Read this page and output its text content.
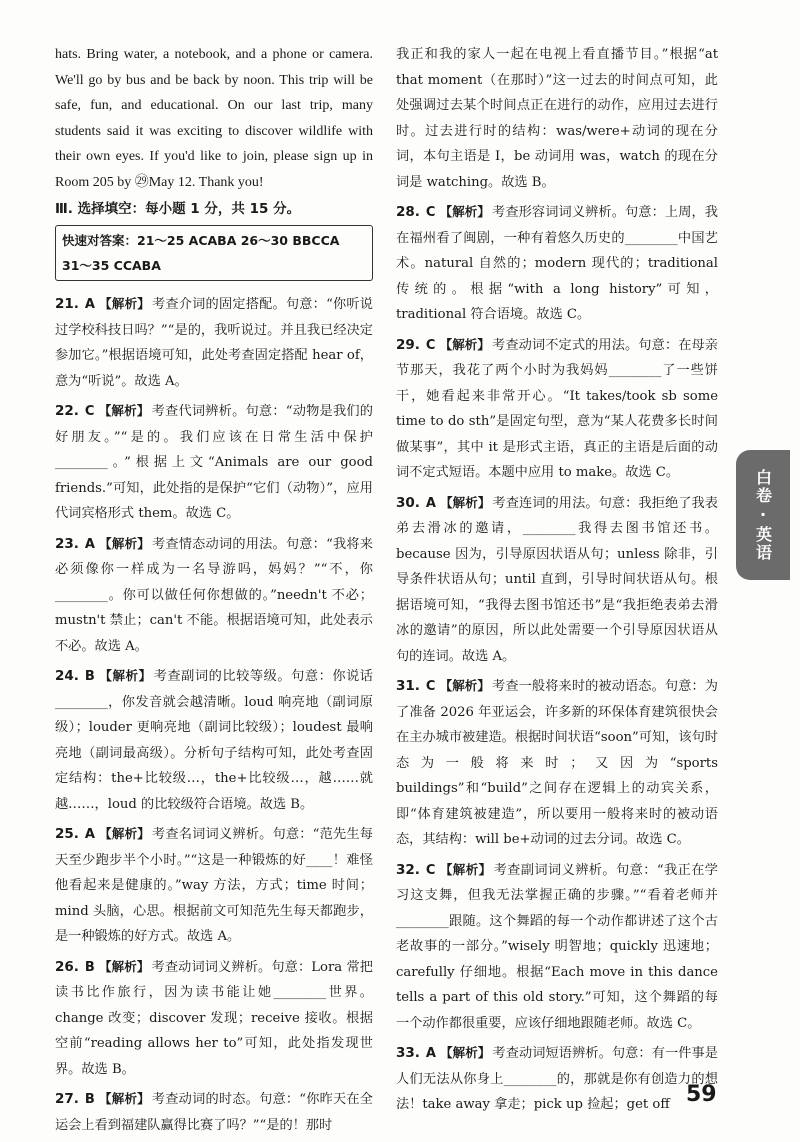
hats. Bring water, a notebook, and a phone or camera. We'll go by bus and be back by noon. This trip will be safe, fun, and educational. On our last trip, many students said it was exciting to discover wildlife with their own eyes. If you'd like to join, please sign up in Room 205 by ㉙May 12. Thank you!

Ⅲ. 选择填空：每小题 1 分，共 15 分。
快速对答案：21～25 ACABA 26～30 BBCCA
31～35 CCABA

21. A 【解析】 考查介词的固定搭配。句意：“你听说过学校科技日吗？”“是的，我听说过。并且我已经决定参加它。”根据语境可知，此处考查固定搭配 hear of，意为“听说”。故选 A。

22. C 【解析】 考查代词辨析。句意：“动物是我们的好朋友。”“是的。我们应该在日常生活中保护________。”根据上文“Animals are our good friends.”可知，此处指的是保护“它们（动物）”，应用代词宾格形式 them。故选 C。

23. A 【解析】 考查情态动词的用法。句意：“我将来必须像你一样成为一名导游吗，妈妈？”“不，你________。你可以做任何你想做的。”needn't 不必；mustn't 禁止；can't 不能。根据语境可知，此处表示不必。故选 A。

24. B 【解析】 考查副词的比较等级。句意：你说话________，你发音就会越清晰。loud 响亮地（副词原级）；louder 更响亮地（副词比较级）；loudest 最响亮地（副词最高级）。分析句子结构可知，此处考查固定结构：the+比较级…，the+比较级…，越……就越……，loud 的比较级符合语境。故选 B。

25. A 【解析】 考查名词词义辨析。句意：“范先生每天至少跑步半个小时。”“这是一种锻炼的好____！难怪他看起来是健康的。”way 方法，方式；time 时间；mind 头脑，心思。根据前文可知范先生每天都跑步，是一种锻炼的好方式。故选 A。

26. B 【解析】 考查动词词义辨析。句意：Lora 常把读书比作旅行，因为读书能让她________世界。change 改变；discover 发现；receive 接收。根据空前“reading allows her to”可知，此处指发现世界。故选 B。

27. B 【解析】 考查动词的时态。句意：“你昨天在全运会上看到福建队赢得比赛了吗？”“是的！那时

我正和我的家人一起在电视上看直播节目。”根据“at that moment（在那时）”这一过去的时间点可知，此处强调过去某个时间点正在进行的动作，应用过去进行时。过去进行时的结构：was/were+动词的现在分词，本句主语是 I，be 动词用 was，watch 的现在分词是 watching。故选 B。

28. C 【解析】 考查形容词词义辨析。句意：上周，我在福州看了闽剧，一种有着悠久历史的________中国艺术。natural 自然的；modern 现代的；traditional 传统的。根据“with a long history”可知，traditional 符合语境。故选 C。

29. C 【解析】 考查动词不定式的用法。句意：在母亲节那天，我花了两个小时为我妈妈________了一些饼干，她看起来非常开心。“It takes/took sb some time to do sth”是固定句型，意为“某人花费多长时间做某事”，其中 it 是形式主语，真正的主语是后面的动词不定式短语。本题中应用 to make。故选 C。

30. A 【解析】 考查连词的用法。句意：我拒绝了我表弟去滑冰的邀请，________我得去图书馆还书。because 因为，引导原因状语从句；unless 除非，引导条件状语从句；until 直到，引导时间状语从句。根据语境可知，“我得去图书馆还书”是“我拒绝表弟去滑冰的邀请”的原因，所以此处需要一个引导原因状语从句的连词。故选 A。

31. C 【解析】 考查一般将来时的被动语态。句意：为了准备 2026 年亚运会，许多新的环保体育建筑很快会在主办城市被建造。根据时间状语“soon”可知，该句时态为一般将来时；又因为“sports buildings”和“build”之间存在逻辑上的动宾关系，即“体育建筑被建造”，所以要用一般将来时的被动语态，其结构：will be+动词的过去分词。故选 C。

32. C 【解析】 考查副词词义辨析。句意：“我正在学习这支舞，但我无法掌握正确的步骤。”“看着老师并________跟随。这个舞蹈的每一个动作都讲述了这个古老故事的一部分。”wisely 明智地；quickly 迅速地；carefully 仔细地。根据“Each move in this dance tells a part of this old story.”可知，这个舞蹈的每一个动作都很重要，应该仔细地跟随老师。故选 C。

33. A 【解析】 考查动词短语辨析。句意：有一件事是人们无法从你身上________的，那就是你有创造力的想法！take away 拿走；pick up 捡起；get off

白卷·英语
59
